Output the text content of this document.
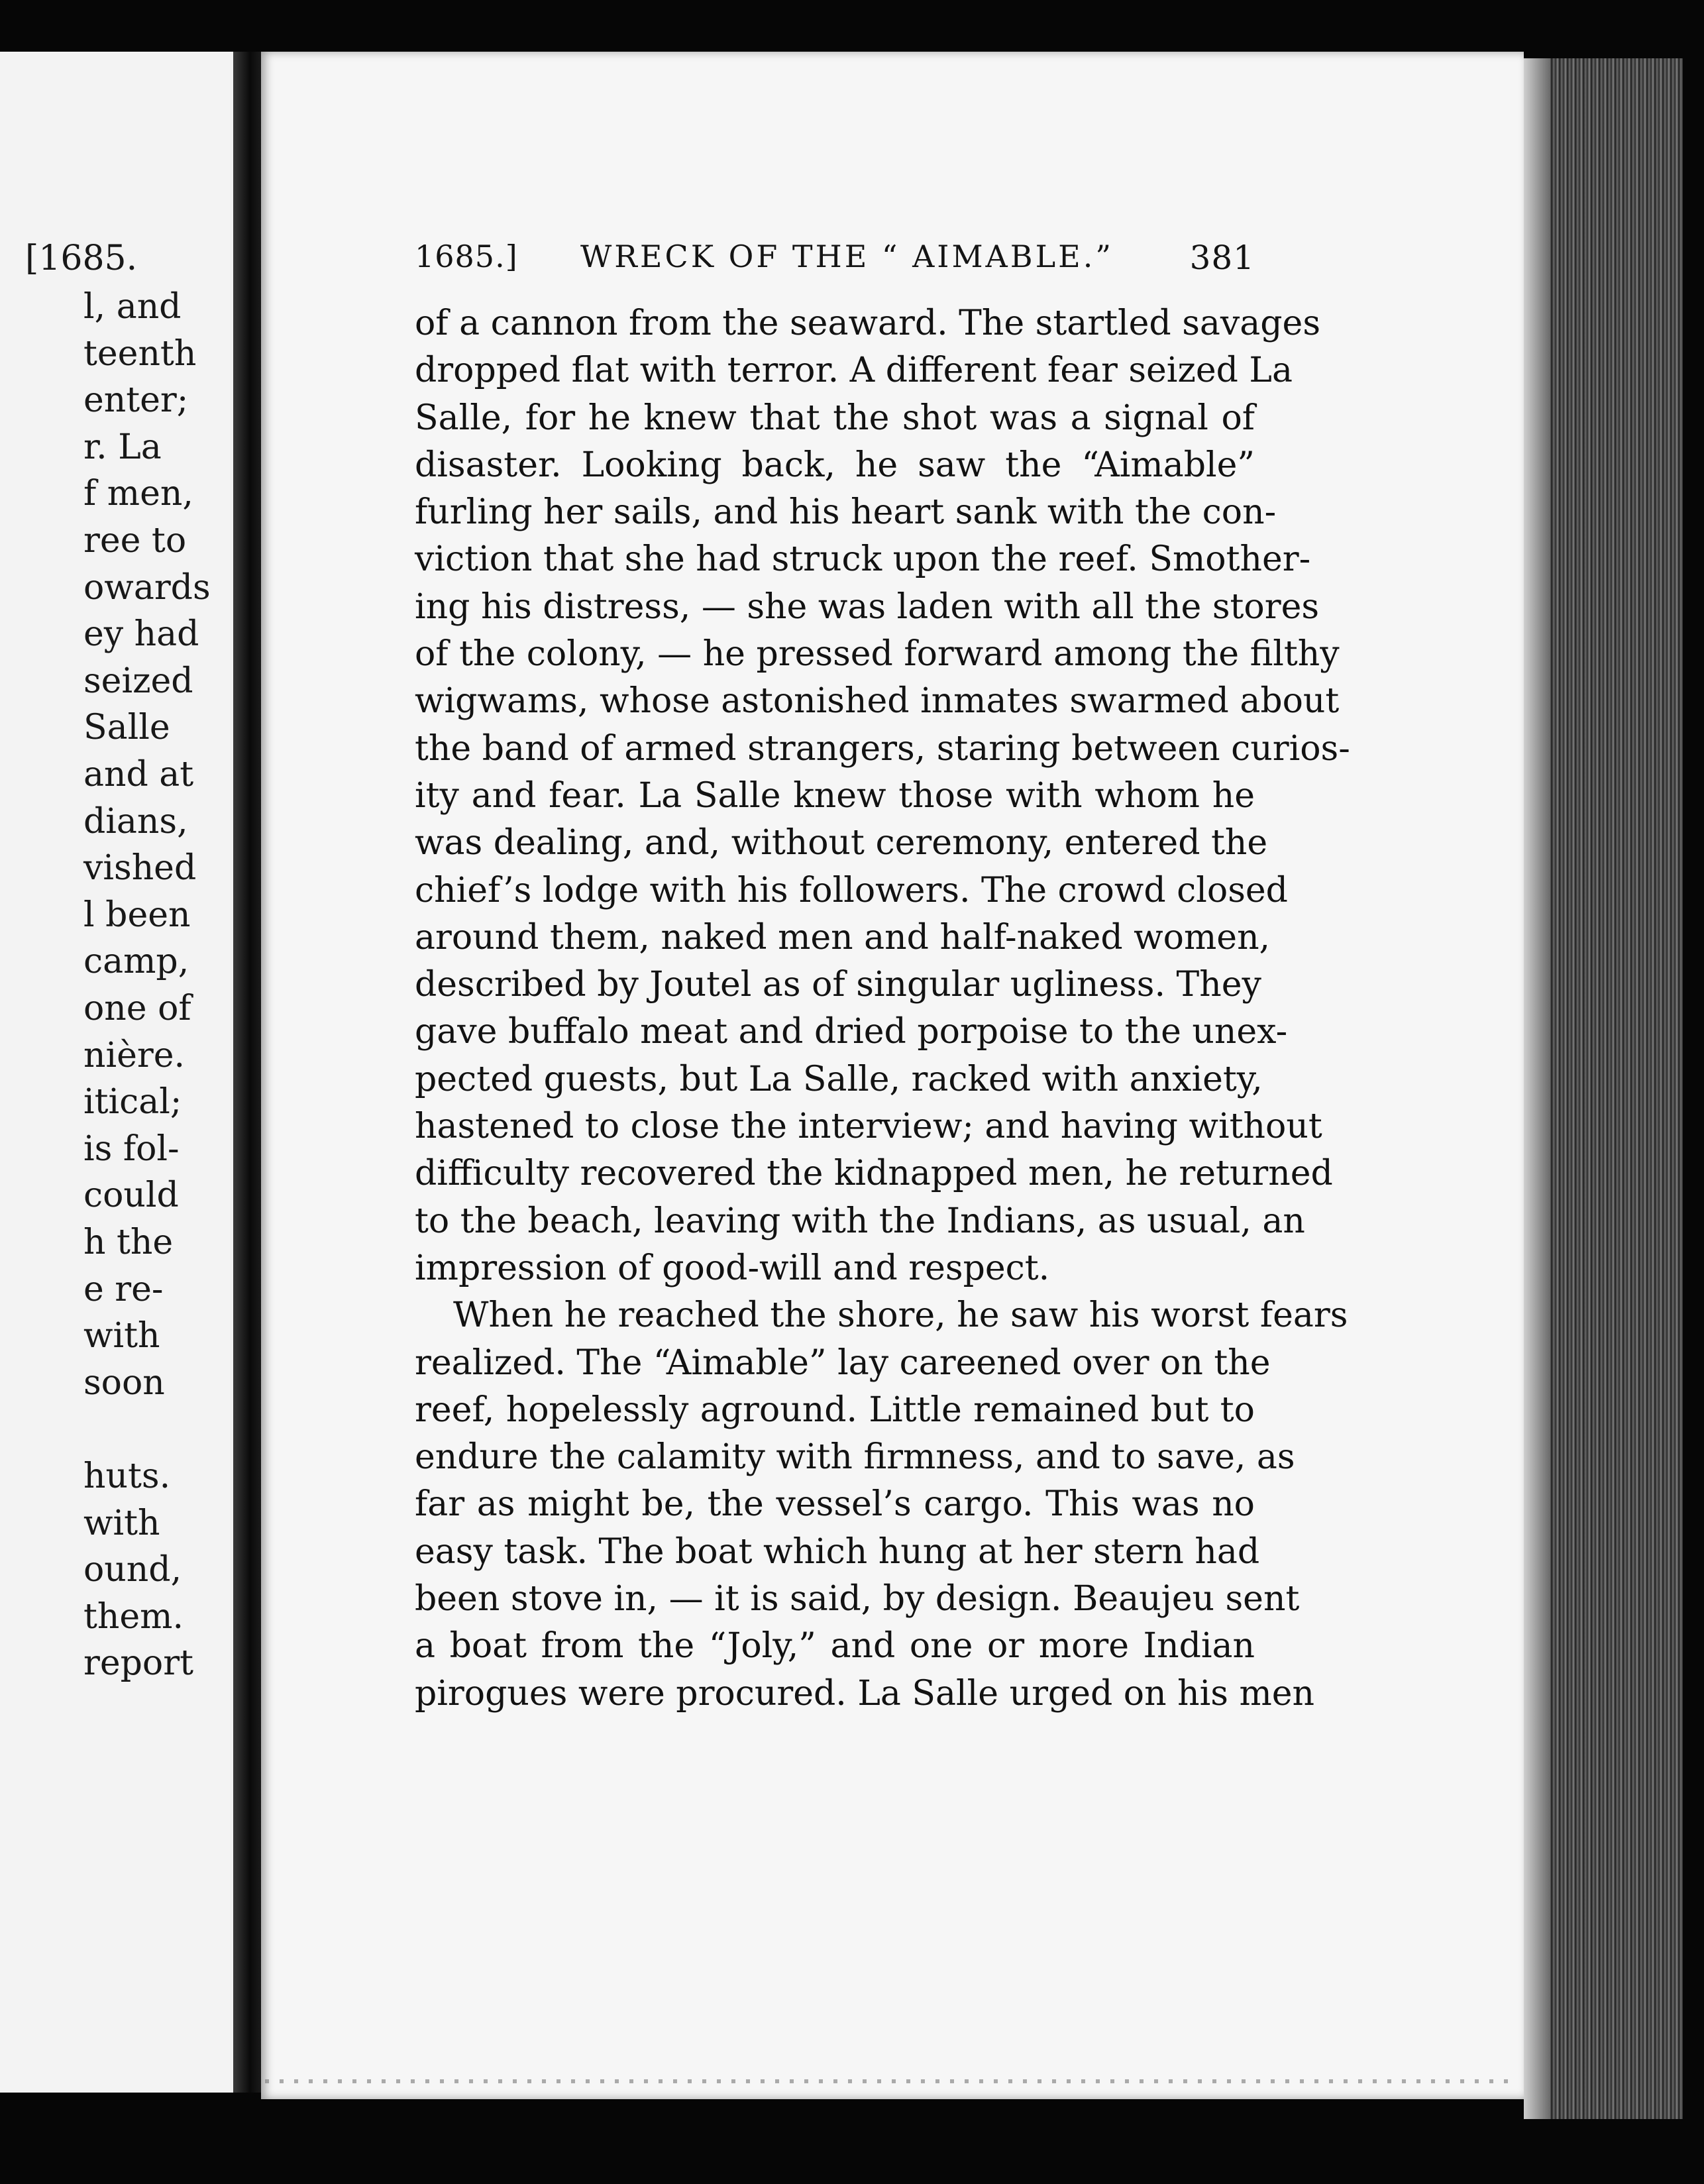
[1685.
l, and
teenth
enter;
r. La
f men,
ree to
owards
ey had
seized
Salle
and at
dians,
vished
l been
camp,
one of
nière.
itical;
is fol-
could
h the
e re-
with
soon
huts.
with
ound,
them.
report
1685.] WRECK OF THE “ AIMABLE.” 381
of a cannon from the seaward. The startled savages
dropped flat with terror. A different fear seized La
Salle, for he knew that the shot was a signal of
disaster. Looking back, he saw the “Aimable”
furling her sails, and his heart sank with the con-
viction that she had struck upon the reef. Smother-
ing his distress, — she was laden with all the stores
of the colony, — he pressed forward among the filthy
wigwams, whose astonished inmates swarmed about
the band of armed strangers, staring between curios-
ity and fear. La Salle knew those with whom he
was dealing, and, without ceremony, entered the
chief’s lodge with his followers. The crowd closed
around them, naked men and half-naked women,
described by Joutel as of singular ugliness. They
gave buffalo meat and dried porpoise to the unex-
pected guests, but La Salle, racked with anxiety,
hastened to close the interview; and having without
difficulty recovered the kidnapped men, he returned
to the beach, leaving with the Indians, as usual, an
impression of good-will and respect.
When he reached the shore, he saw his worst fears
realized. The “Aimable” lay careened over on the
reef, hopelessly aground. Little remained but to
endure the calamity with firmness, and to save, as
far as might be, the vessel’s cargo. This was no
easy task. The boat which hung at her stern had
been stove in, — it is said, by design. Beaujeu sent
a boat from the “Joly,” and one or more Indian
pirogues were procured. La Salle urged on his men
